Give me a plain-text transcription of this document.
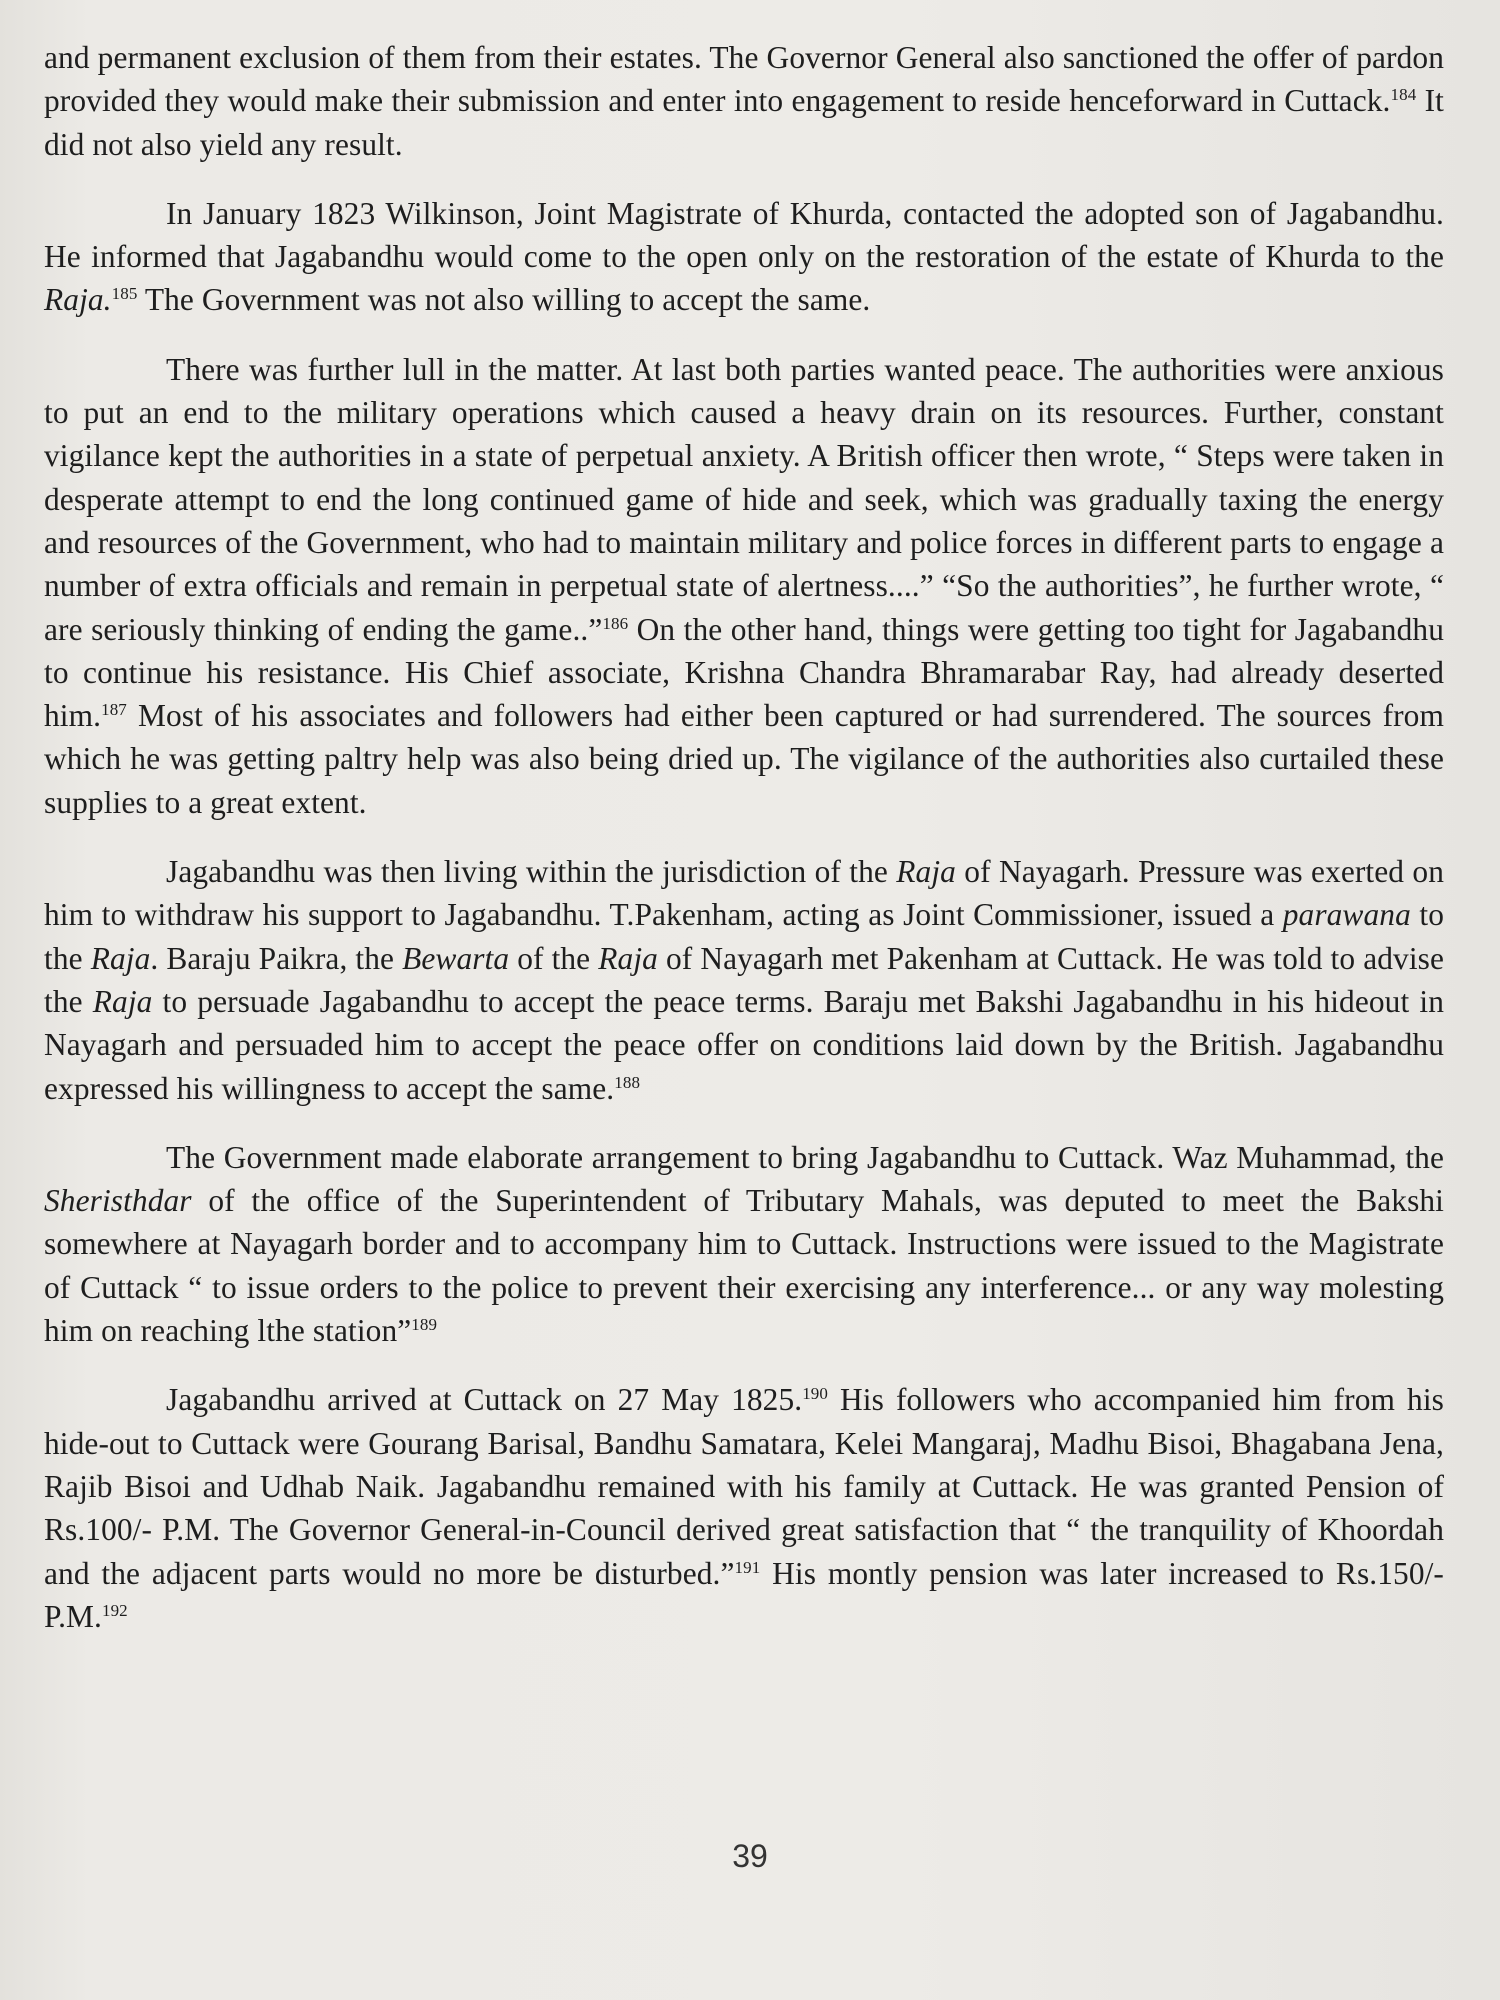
and permanent exclusion of them from their estates. The Governor General also sanctioned the offer of pardon provided they would make their submission and enter into engagement to reside henceforward in Cuttack.$^{184}$ It did not also yield any result.

In January 1823 Wilkinson, Joint Magistrate of Khurda, contacted the adopted son of Jagabandhu. He informed that Jagabandhu would come to the open only on the restoration of the estate of Khurda to the Raja.$^{185}$ The Government was not also willing to accept the same.

There was further lull in the matter. At last both parties wanted peace. The authorities were anxious to put an end to the military operations which caused a heavy drain on its resources. Further, constant vigilance kept the authorities in a state of perpetual anxiety. A British officer then wrote, “ Steps were taken in desperate attempt to end the long continued game of hide and seek, which was gradually taxing the energy and resources of the Government, who had to maintain military and police forces in different parts to engage a number of extra officials and remain in perpetual state of alertness....” “So the authorities”, he further wrote, “ are seriously thinking of ending the game..”$^{186}$ On the other hand, things were getting too tight for Jagabandhu to continue his resistance. His Chief associate, Krishna Chandra Bhramarabar Ray, had already deserted him.$^{187}$ Most of his associates and followers had either been captured or had surrendered. The sources from which he was getting paltry help was also being dried up. The vigilance of the authorities also curtailed these supplies to a great extent.

Jagabandhu was then living within the jurisdiction of the Raja of Nayagarh. Pressure was exerted on him to withdraw his support to Jagabandhu. T.Pakenham, acting as Joint Commissioner, issued a parawana to the Raja. Baraju Paikra, the Bewarta of the Raja of Nayagarh met Pakenham at Cuttack. He was told to advise the Raja to persuade Jagabandhu to accept the peace terms. Baraju met Bakshi Jagabandhu in his hideout in Nayagarh and persuaded him to accept the peace offer on conditions laid down by the British. Jagabandhu expressed his willingness to accept the same.$^{188}$

The Government made elaborate arrangement to bring Jagabandhu to Cuttack. Waz Muhammad, the Sheristhdar of the office of the Superintendent of Tributary Mahals, was deputed to meet the Bakshi somewhere at Nayagarh border and to accompany him to Cuttack. Instructions were issued to the Magistrate of Cuttack “ to issue orders to the police to prevent their exercising any interference... or any way molesting him on reaching lthe station”$^{189}$

Jagabandhu arrived at Cuttack on 27 May 1825.$^{190}$ His followers who accompanied him from his hide-out to Cuttack were Gourang Barisal, Bandhu Samatara, Kelei Mangaraj, Madhu Bisoi, Bhagabana Jena, Rajib Bisoi and Udhab Naik. Jagabandhu remained with his family at Cuttack. He was granted Pension of Rs.100/- P.M. The Governor General-in-Council derived great satisfaction that “ the tranquility of Khoordah and the adjacent parts would no more be disturbed.”$^{191}$ His montly pension was later increased to Rs.150/- P.M.$^{192}$

39
